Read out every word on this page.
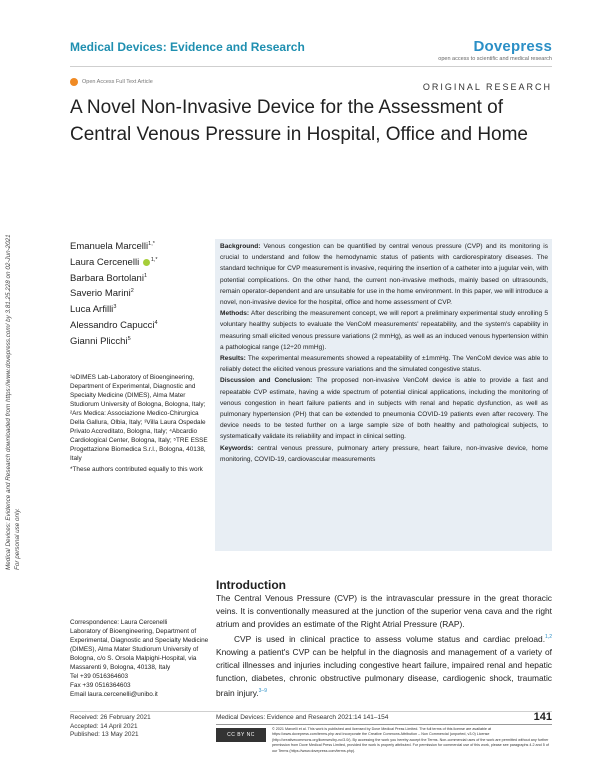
Medical Devices: Evidence and Research	Dovepress
open access to scientific and medical research
Open Access Full Text Article	ORIGINAL RESEARCH
A Novel Non-Invasive Device for the Assessment of Central Venous Pressure in Hospital, Office and Home
Medical Devices: Evidence and Research downloaded from https://www.dovepress.com/ by 3.81.25.228 on 02-Jun-2021 For personal use only.
Emanuela Marcelli$^{1,*}$
Laura Cercenelli $^{1,*}$
Barbara Bortolani$^1$
Saverio Marini$^2$
Luca Arfilli$^3$
Alessandro Capucci$^4$
Gianni Plicchi$^5$
¹eDIMES Lab-Laboratory of Bioengineering, Department of Experimental, Diagnostic and Specialty Medicine (DIMES), Alma Mater Studiorum University of Bologna, Bologna, Italy; ²Ars Medica: Associazione Medico-Chirurgica Della Gallura, Olbia, Italy; ³Villa Laura Ospedale Privato Accreditato, Bologna, Italy; ⁴Abcardio Cardiological Center, Bologna, Italy; ⁵TRE ESSE Progettazione Biomedica S.r.l., Bologna, 40138, Italy
*These authors contributed equally to this work

Background: Venous congestion can be quantified by central venous pressure (CVP) and its monitoring is crucial to understand and follow the hemodynamic status of patients with cardiorespiratory diseases. The standard technique for CVP measurement is invasive, requiring the insertion of a catheter into a jugular vein, with potential complications. On the other hand, the current non-invasive methods, mainly based on ultrasounds, remain operator-dependent and are unsuitable for use in the home environment. In this paper, we will introduce a novel, non-invasive device for the hospital, office and home assessment of CVP.

Methods: After describing the measurement concept, we will report a preliminary experimental study enrolling 5 voluntary healthy subjects to evaluate the VenCoM measurements' repeatability, and the system's capability in measuring small elicited venous pressure variations (2 mmHg), as well as an induced venous hypertension within a pathological range (12÷20 mmHg).

Results: The experimental measurements showed a repeatability of ±1mmHg. The VenCoM device was able to reliably detect the elicited venous pressure variations and the simulated congestive status.

Discussion and Conclusion: The proposed non-invasive VenCoM device is able to provide a fast and repeatable CVP estimate, having a wide spectrum of potential clinical applications, including the monitoring of venous congestion in heart failure patients and in subjects with renal and hepatic dysfunction, as well as pulmonary hypertension (PH) that can be extended to pneumonia COVID-19 patients even after recovery. The device needs to be tested further on a large sample size of both healthy and pathological subjects, to systematically validate its reliability and impact in clinical setting.

Keywords: central venous pressure, pulmonary artery pressure, heart failure, non-invasive device, home monitoring, COVID-19, cardiovascular measurements

Introduction

The Central Venous Pressure (CVP) is the intravascular pressure in the great thoracic veins. It is conventionally measured at the junction of the superior vena cava and the right atrium and provides an estimate of the Right Atrial Pressure (RAP).

CVP is used in clinical practice to assess volume status and cardiac preload.$^{1,2}$ Knowing a patient's CVP can be helpful in the diagnosis and management of a variety of critical illnesses and injuries including congestive heart failure, impaired renal and hepatic function, diabetes, chronic obstructive pulmonary disease, cardiogenic shock, traumatic brain injury.$^{3-9}$

Correspondence: Laura Cercenelli
Laboratory of Bioengineering, Department of Experimental, Diagnostic and Specialty Medicine (DIMES), Alma Mater Studiorum University of Bologna, c/o S. Orsola Malpighi-Hospital, via Massarenti 9, Bologna, 40138, Italy
Tel +39 0516364603
Fax +39 0516364603
Email laura.cercenelli@unibo.it
Received: 26 February 2021
Accepted: 14 April 2021
Published: 13 May 2021
Medical Devices: Evidence and Research 2021:14 141–154	141
CC BY NC
© 2021 Marcelli et al. This work is published and licensed by Dove Medical Press Limited. The full terms of this license are available at https://www.dovepress.com/terms.php and incorporate the Creative Commons Attribution – Non Commercial (unported, v3.0) License (http://creativecommons.org/licenses/by-nc/3.0/). By accessing the work you hereby accept the Terms. Non-commercial uses of the work are permitted without any further permission from Dove Medical Press Limited, provided the work is properly attributed. For permission for commercial use of this work, please see paragraphs 4.2 and 5 of our Terms (https://www.dovepress.com/terms.php).
